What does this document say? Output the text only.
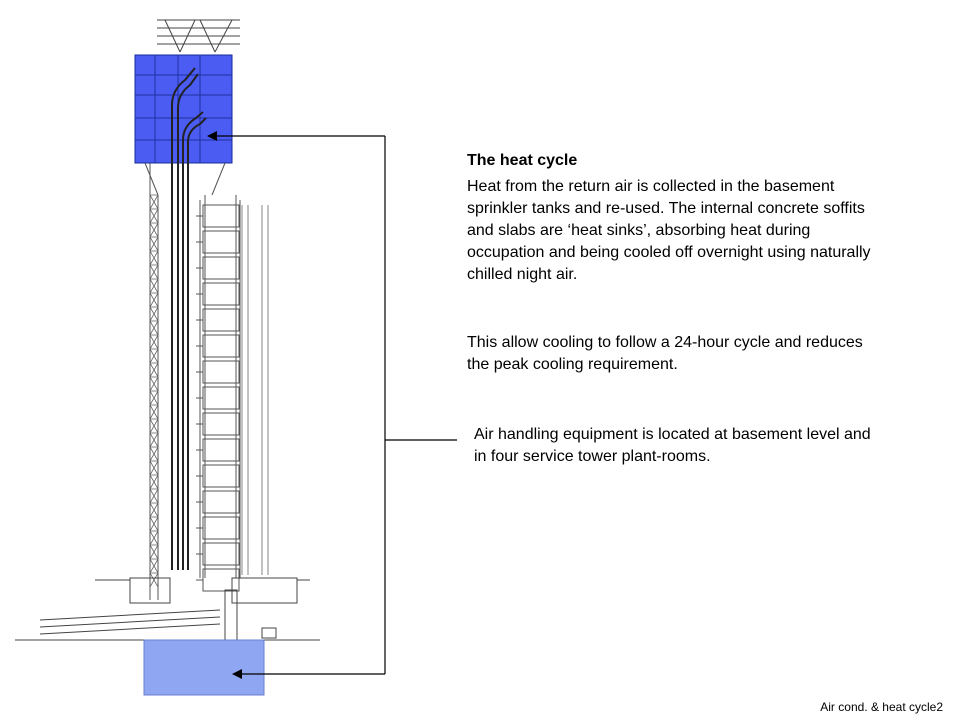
The heat cycle
Heat from the return air is collected in the basement sprinkler tanks and re-used. The internal concrete soffits and slabs are ‘heat sinks’, absorbing heat during occupation and being cooled off overnight using naturally chilled night air.
This allow cooling to follow a 24-hour cycle and reduces the peak cooling requirement.
Air handling equipment is located at basement level and in four service tower plant-rooms.
Air cond. & heat cycle2
